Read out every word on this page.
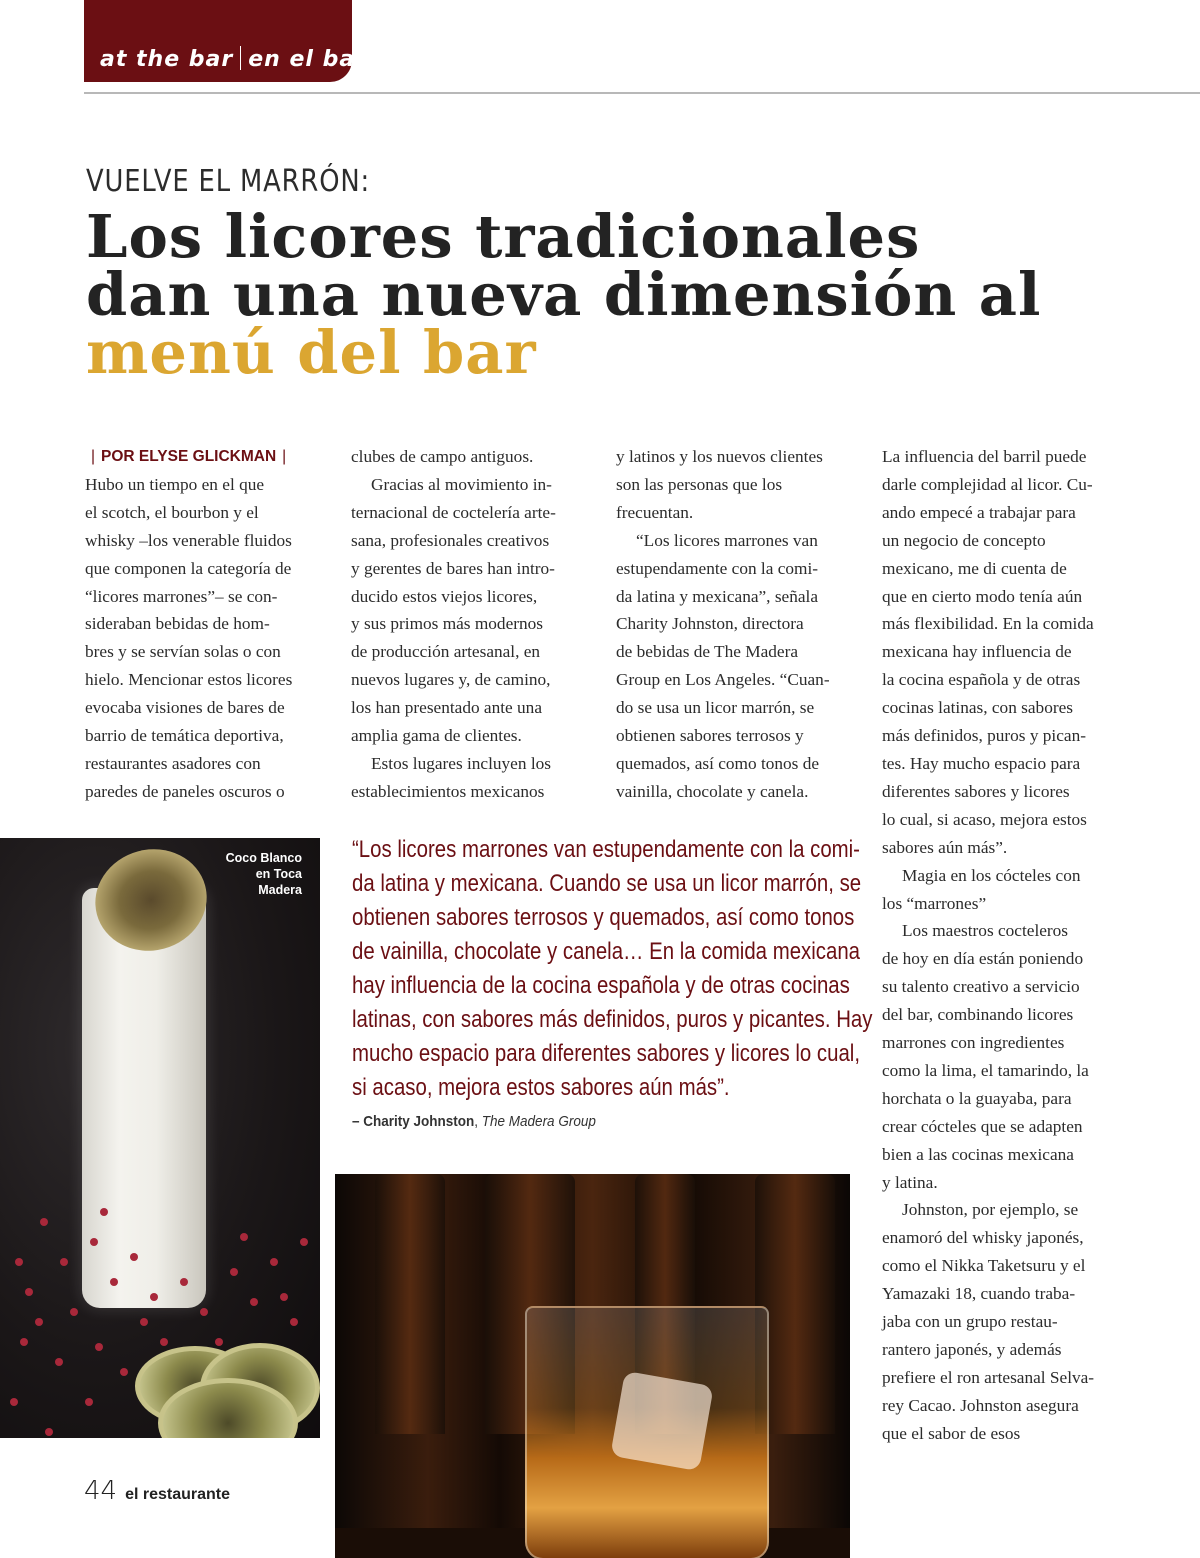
at the bar en el bar
VUELVE EL MARRÓN:
Los licores tradicionales
dan una nueva dimensión al
menú del bar
| POR ELYSE GLICKMAN |
Hubo un tiempo en el que
el scotch, el bourbon y el
whisky –los venerable fluidos
que componen la categoría de
“licores marrones”– se con-
sideraban bebidas de hom-
bres y se servían solas o con
hielo. Mencionar estos licores
evocaba visiones de bares de
barrio de temática deportiva,
restaurantes asadores con
paredes de paneles oscuros o
clubes de campo antiguos.
Gracias al movimiento in-
ternacional de coctelería arte-
sana, profesionales creativos
y gerentes de bares han intro-
ducido estos viejos licores,
y sus primos más modernos
de producción artesanal, en
nuevos lugares y, de camino,
los han presentado ante una
amplia gama de clientes.
Estos lugares incluyen los
establecimientos mexicanos
y latinos y los nuevos clientes
son las personas que los
frecuentan.
“Los licores marrones van
estupendamente con la comi-
da latina y mexicana”, señala
Charity Johnston, directora
de bebidas de The Madera
Group en Los Angeles. “Cuan-
do se usa un licor marrón, se
obtienen sabores terrosos y
quemados, así como tonos de
vainilla, chocolate y canela.
La influencia del barril puede
darle complejidad al licor. Cu-
ando empecé a trabajar para
un negocio de concepto
mexicano, me di cuenta de
que en cierto modo tenía aún
más flexibilidad. En la comida
mexicana hay influencia de
la cocina española y de otras
cocinas latinas, con sabores
más definidos, puros y pican-
tes. Hay mucho espacio para
diferentes sabores y licores
lo cual, si acaso, mejora estos
sabores aún más”.
Magia en los cócteles con
los “marrones”
Los maestros cocteleros
de hoy en día están poniendo
su talento creativo a servicio
del bar, combinando licores
marrones con ingredientes
como la lima, el tamarindo, la
horchata o la guayaba, para
crear cócteles que se adapten
bien a las cocinas mexicana
y latina.
Johnston, por ejemplo, se
enamoró del whisky japonés,
como el Nikka Taketsuru y el
Yamazaki 18, cuando traba-
jaba con un grupo restau-
rantero japonés, y además
prefiere el ron artesanal Selva-
rey Cacao. Johnston asegura
que el sabor de esos
Coco Blanco
en Toca
Madera
“Los licores marrones van estupendamente con la comi-
da latina y mexicana. Cuando se usa un licor marrón, se
obtienen sabores terrosos y quemados, así como tonos
de vainilla, chocolate y canela… En la comida mexicana
hay influencia de la cocina española y de otras cocinas
latinas, con sabores más definidos, puros y picantes. Hay
mucho espacio para diferentes sabores y licores lo cual,
si acaso, mejora estos sabores aún más”.
– Charity Johnston, The Madera Group
44 el restaurante
